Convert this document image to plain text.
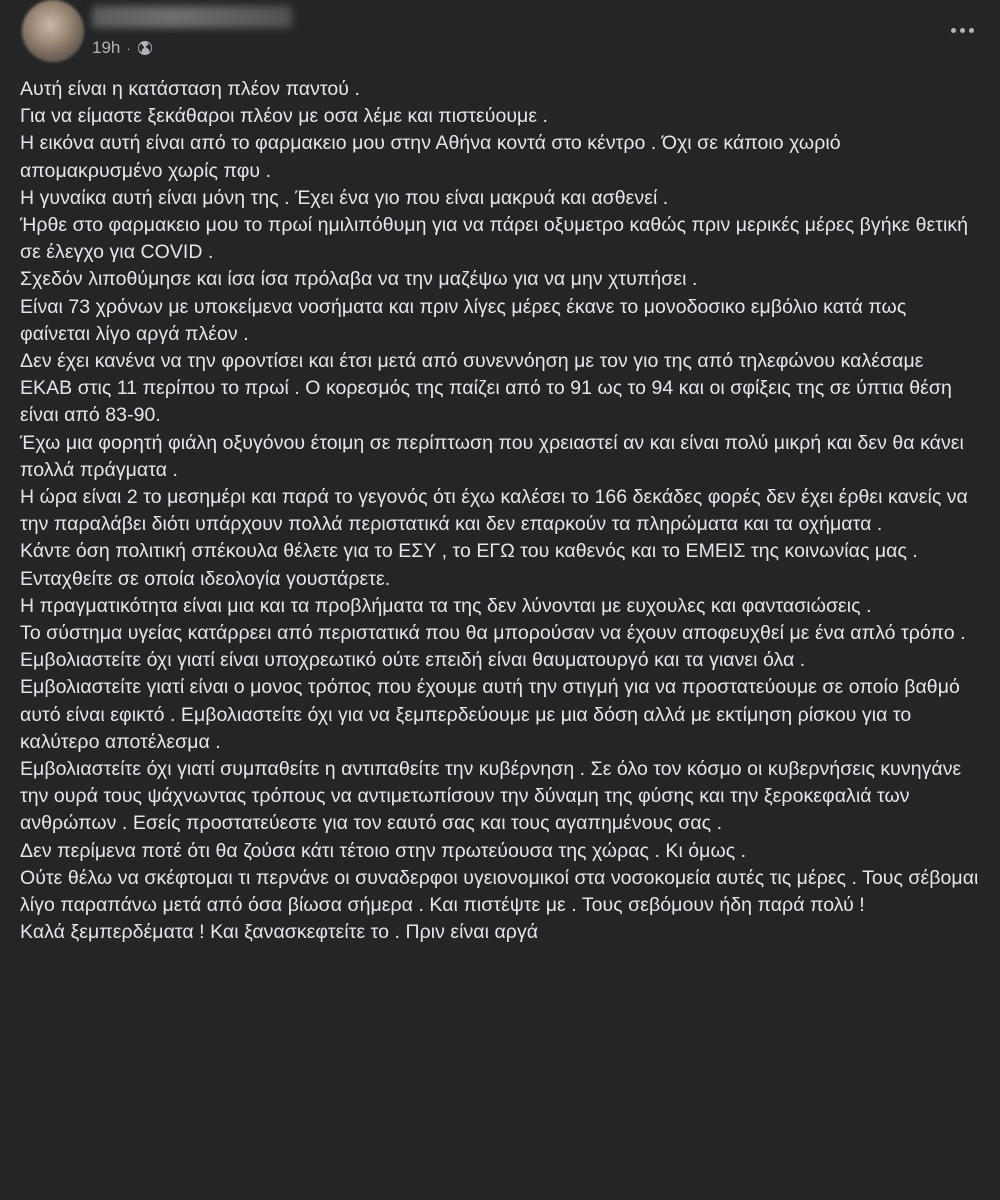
19h ·

Αυτή είναι η κατάσταση πλέον παντού .

Για να είμαστε ξεκάθαροι πλέον με οσα λέμε και πιστεύουμε .

Η εικόνα αυτή είναι από το φαρμακειο μου στην Αθήνα κοντά στο κέντρο . Όχι σε κάποιο χωριό απομακρυσμένο χωρίς πφυ .

Η γυναίκα αυτή είναι μόνη της . Έχει ένα γιο που είναι μακρυά και ασθενεί .

Ήρθε στο φαρμακειο μου το πρωί ημιλιπόθυμη για να πάρει οξυμετρο καθώς πριν μερικές μέρες βγήκε θετική σε έλεγχο για COVID .

Σχεδόν λιποθύμησε και ίσα ίσα πρόλαβα να την μαζέψω για να μην χτυπήσει .

Είναι 73 χρόνων με υποκείμενα νοσήματα και πριν λίγες μέρες έκανε το μονοδοσικο εμβόλιο κατά πως φαίνεται λίγο αργά πλέον .

Δεν έχει κανένα να την φροντίσει και έτσι μετά από συνεννόηση με τον γιο της από τηλεφώνου καλέσαμε ΕΚΑΒ στις 11 περίπου το πρωί . Ο κορεσμός της παίζει από το 91 ως το 94 και οι σφίξεις της σε ύπτια θέση είναι από 83-90.

Έχω μια φορητή φιάλη οξυγόνου έτοιμη σε περίπτωση που χρειαστεί αν και είναι πολύ μικρή και δεν θα κάνει πολλά πράγματα .

Η ώρα είναι 2 το μεσημέρι και παρά το γεγονός ότι έχω καλέσει το 166 δεκάδες φορές δεν έχει έρθει κανείς να την παραλάβει διότι υπάρχουν πολλά περιστατικά και δεν επαρκούν τα πληρώματα και τα οχήματα .

Κάντε όση πολιτική σπέκουλα θέλετε για το ΕΣΥ , το ΕΓΩ του καθενός και το ΕΜΕΙΣ της κοινωνίας μας . Ενταχθείτε σε οποία ιδεολογία γουστάρετε.

Η πραγματικότητα είναι μια και τα προβλήματα τα της δεν λύνονται με ευχουλες και φαντασιώσεις .

Το σύστημα υγείας κατάρρεει από περιστατικά που θα μπορούσαν να έχουν αποφευχθεί με ένα απλό τρόπο .

Εμβολιαστείτε όχι γιατί είναι υποχρεωτικό ούτε επειδή είναι θαυματουργό και τα γιανει όλα .

Εμβολιαστείτε γιατί είναι ο μονος τρόπος που έχουμε αυτή την στιγμή για να προστατεύουμε σε οποίο βαθμό αυτό είναι εφικτό . Εμβολιαστείτε όχι για να ξεμπερδεύουμε με μια δόση αλλά με εκτίμηση ρίσκου για το καλύτερο αποτέλεσμα .

Εμβολιαστείτε όχι γιατί συμπαθείτε η αντιπαθείτε την κυβέρνηση . Σε όλο τον κόσμο οι κυβερνήσεις κυνηγάνε την ουρά τους ψάχνωντας τρόπους να αντιμετωπίσουν την δύναμη της φύσης και την ξεροκεφαλιά των ανθρώπων . Εσείς προστατεύεστε για τον εαυτό σας και τους αγαπημένους σας .

Δεν περίμενα ποτέ ότι θα ζούσα κάτι τέτοιο στην πρωτεύουσα της χώρας . Κι όμως .

Ούτε θέλω να σκέφτομαι τι περνάνε οι συναδερφοι υγειονομικοί στα νοσοκομεία αυτές τις μέρες . Τους σέβομαι λίγο παραπάνω μετά από όσα βίωσα σήμερα . Και πιστέψτε με . Τους σεβόμουν ήδη παρά πολύ !

Καλά ξεμπερδέματα ! Και ξανασκεφτείτε το . Πριν είναι αργά
